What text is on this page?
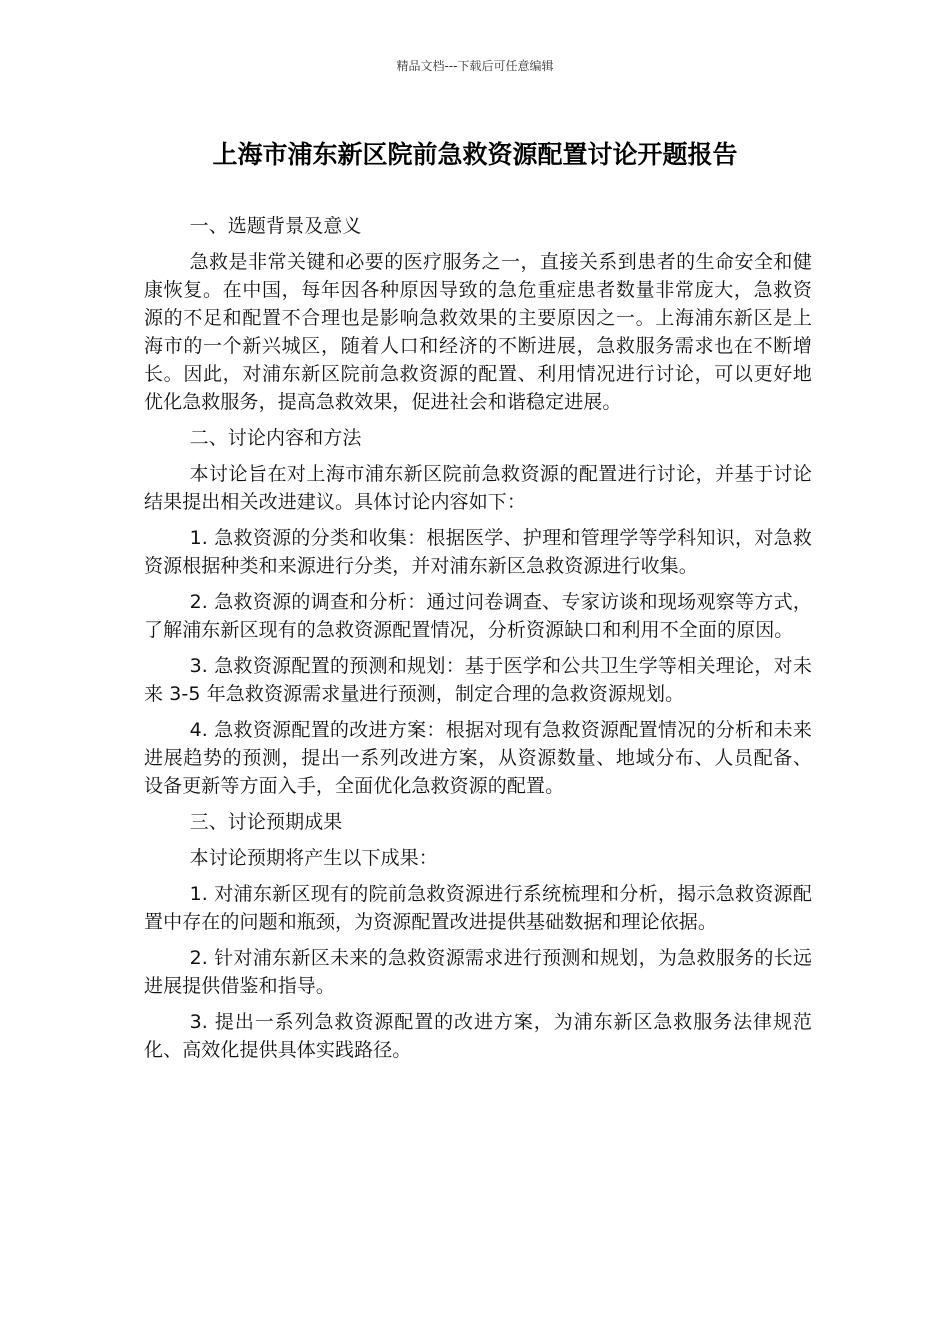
精品文档---下载后可任意编辑
上海市浦东新区院前急救资源配置讨论开题报告

一、选题背景及意义

急救是非常关键和必要的医疗服务之一，直接关系到患者的生命安全和健康恢复。在中国，每年因各种原因导致的急危重症患者数量非常庞大，急救资源的不足和配置不合理也是影响急救效果的主要原因之一。上海浦东新区是上海市的一个新兴城区，随着人口和经济的不断进展，急救服务需求也在不断增长。因此，对浦东新区院前急救资源的配置、利用情况进行讨论，可以更好地优化急救服务，提高急救效果，促进社会和谐稳定进展。

二、讨论内容和方法

本讨论旨在对上海市浦东新区院前急救资源的配置进行讨论，并基于讨论结果提出相关改进建议。具体讨论内容如下：

1. 急救资源的分类和收集：根据医学、护理和管理学等学科知识，对急救资源根据种类和来源进行分类，并对浦东新区急救资源进行收集。

2. 急救资源的调查和分析：通过问卷调查、专家访谈和现场观察等方式，了解浦东新区现有的急救资源配置情况，分析资源缺口和利用不全面的原因。

3. 急救资源配置的预测和规划：基于医学和公共卫生学等相关理论，对未来 3-5 年急救资源需求量进行预测，制定合理的急救资源规划。

4. 急救资源配置的改进方案：根据对现有急救资源配置情况的分析和未来进展趋势的预测，提出一系列改进方案，从资源数量、地域分布、人员配备、设备更新等方面入手，全面优化急救资源的配置。

三、讨论预期成果

本讨论预期将产生以下成果：

1. 对浦东新区现有的院前急救资源进行系统梳理和分析，揭示急救资源配置中存在的问题和瓶颈，为资源配置改进提供基础数据和理论依据。

2. 针对浦东新区未来的急救资源需求进行预测和规划，为急救服务的长远进展提供借鉴和指导。

3. 提出一系列急救资源配置的改进方案，为浦东新区急救服务法律规范化、高效化提供具体实践路径。
